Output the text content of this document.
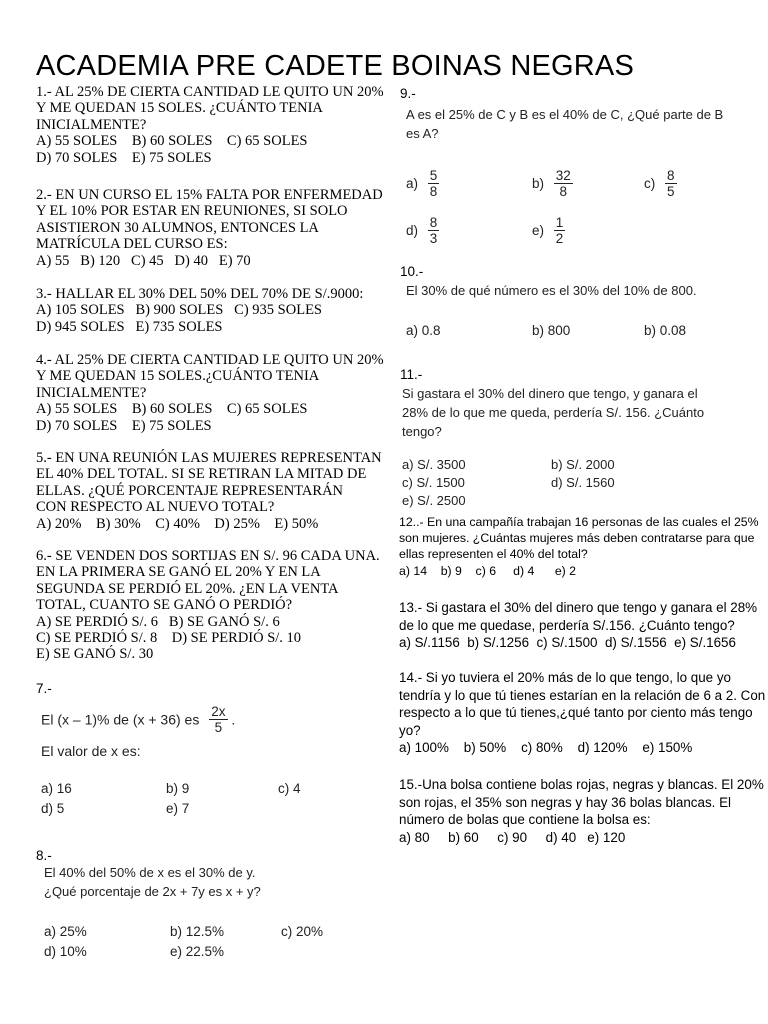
ACADEMIA PRE CADETE BOINAS NEGRAS
1.- AL 25% DE CIERTA CANTIDAD LE QUITO UN 20%
Y ME QUEDAN 15 SOLES. ¿CUÁNTO TENIA
INICIALMENTE?
A) 55 SOLES    B) 60 SOLES    C) 65 SOLES
D) 70 SOLES    E) 75 SOLES
2.- EN UN CURSO EL 15% FALTA POR ENFERMEDAD
Y EL 10% POR ESTAR EN REUNIONES, SI SOLO
ASISTIERON 30 ALUMNOS, ENTONCES LA
MATRÍCULA DEL CURSO ES:
A) 55   B) 120   C) 45   D) 40   E) 70
3.- HALLAR EL 30% DEL 50% DEL 70% DE S/.9000:
A) 105 SOLES   B) 900 SOLES   C) 935 SOLES
D) 945 SOLES   E) 735 SOLES
4.- AL 25% DE CIERTA CANTIDAD LE QUITO UN 20%
Y ME QUEDAN 15 SOLES.¿CUÁNTO TENIA
INICIALMENTE?
A) 55 SOLES    B) 60 SOLES    C) 65 SOLES
D) 70 SOLES    E) 75 SOLES
5.- EN UNA REUNIÓN LAS MUJERES REPRESENTAN
EL 40% DEL TOTAL. SI SE RETIRAN LA MITAD DE
ELLAS. ¿QUÉ PORCENTAJE REPRESENTARÁN
CON RESPECTO AL NUEVO TOTAL?
A) 20%    B) 30%    C) 40%    D) 25%    E) 50%
6.- SE VENDEN DOS SORTIJAS EN S/. 96 CADA UNA.
EN LA PRIMERA SE GANÓ EL 20% Y EN LA
SEGUNDA SE PERDIÓ EL 20%. ¿EN LA VENTA
TOTAL, CUANTO SE GANÓ O PERDIÓ?
A) SE PERDIÓ S/. 6   B) SE GANÓ S/. 6
C) SE PERDIÓ S/. 8    D) SE PERDIÓ S/. 10
E) SE GANÓ S/. 30
7.-
El (x – 1)% de (x + 36) es $\frac{2x}{5}$ .
El valor de x es:
a) 16	b) 9	c) 4
d) 5	e) 7
8.-
El 40% del 50% de x es el 30% de y.
¿Qué porcentaje de 2x + 7y es x + y?
a) 25%	b) 12.5%	c) 20%
d) 10%	e) 22.5%
9.-
A es el 25% de C y B es el 40% de C, ¿Qué parte de B
es A?
$a) \frac{5}{8}$	$b) \frac{32}{8}$	$c) \frac{8}{5}$
$d) \frac{8}{3}$	$e) \frac{1}{2}$
10.-
El 30% de qué número es el 30% del 10% de 800.
a) 0.8	b) 800	b) 0.08
11.-
Si gastara el 30% del dinero que tengo, y ganara el
28% de lo que me queda, perdería S/. 156. ¿Cuánto
tengo?
a) S/. 3500	b) S/. 2000
c) S/. 1500	d) S/. 1560
e) S/. 2500
12..- En una campañía trabajan 16 personas de las cuales el 25%
son mujeres. ¿Cuántas mujeres más deben contratarse para que
ellas representen el 40% del total?
a) 14    b) 9    c) 6     d) 4      e) 2
13.- Si gastara el 30% del dinero que tengo y ganara el 28%
de lo que me quedase, perdería S/.156. ¿Cuánto tengo?
a) S/.1156  b) S/.1256  c) S/.1500  d) S/.1556  e) S/.1656
14.- Si yo tuviera el 20% más de lo que tengo, lo que yo
tendría y lo que tú tienes estarían en la relación de 6 a 2. Con
respecto a lo que tú tienes,¿qué tanto por ciento más tengo
yo?
a) 100%    b) 50%    c) 80%    d) 120%    e) 150%
15.-Una bolsa contiene bolas rojas, negras y blancas. El 20%
son rojas, el 35% son negras y hay 36 bolas blancas. El
número de bolas que contiene la bolsa es:
a) 80     b) 60     c) 90     d) 40   e) 120
